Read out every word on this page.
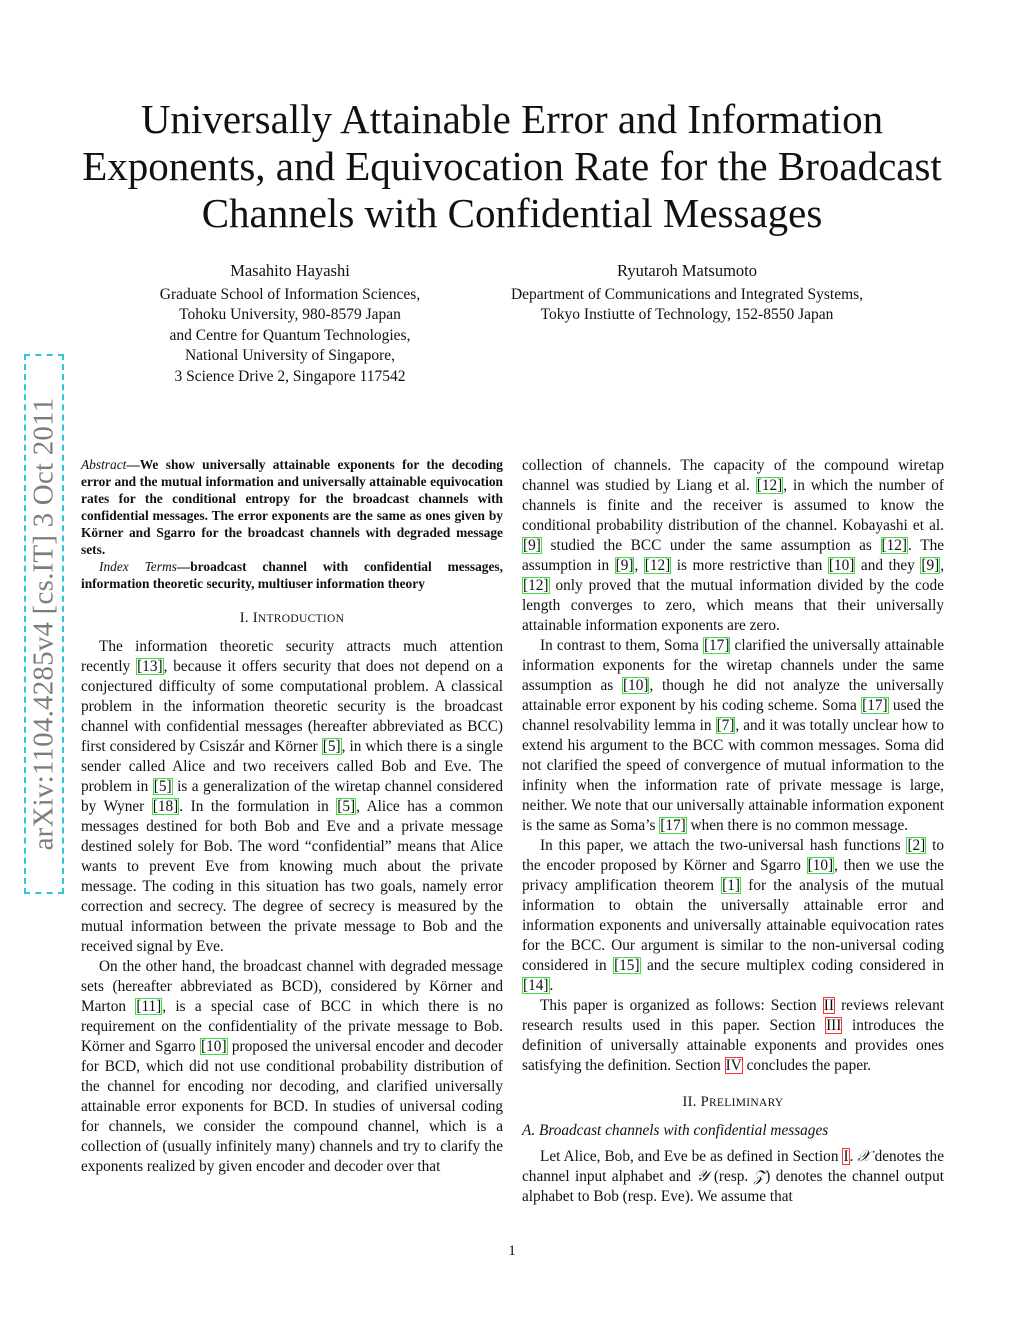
Universally Attainable Error and Information
Exponents, and Equivocation Rate for the Broadcast
Channels with Confidential Messages
Masahito Hayashi
Graduate School of Information Sciences,
Tohoku University, 980-8579 Japan
and Centre for Quantum Technologies,
National University of Singapore,
3 Science Drive 2, Singapore 117542
Ryutaroh Matsumoto
Department of Communications and Integrated Systems,
Tokyo Instiutte of Technology, 152-8550 Japan
arXiv:1104.4285v4 [cs.IT] 3 Oct 2011 Abstract—We show universally attainable exponents for the decoding error and the mutual information and universally attainable equivocation rates for the conditional entropy for the broadcast channels with confidential messages. The error exponents are the same as ones given by Körner and Sgarro for the broadcast channels with degraded message sets.

Index Terms—broadcast channel with confidential messages, information theoretic security, multiuser information theory

I. INTRODUCTION

The information theoretic security attracts much attention recently [13], because it offers security that does not depend on a conjectured difficulty of some computational problem. A classical problem in the information theoretic security is the broadcast channel with confidential messages (hereafter abbreviated as BCC) first considered by Csiszár and Körner [5], in which there is a single sender called Alice and two receivers called Bob and Eve. The problem in [5] is a generalization of the wiretap channel considered by Wyner [18]. In the formulation in [5], Alice has a common messages destined for both Bob and Eve and a private message destined solely for Bob. The word “confidential” means that Alice wants to prevent Eve from knowing much about the private message. The coding in this situation has two goals, namely error correction and secrecy. The degree of secrecy is measured by the mutual information between the private message to Bob and the received signal by Eve.

On the other hand, the broadcast channel with degraded message sets (hereafter abbreviated as BCD), considered by Körner and Marton [11], is a special case of BCC in which there is no requirement on the confidentiality of the private message to Bob. Körner and Sgarro [10] proposed the universal encoder and decoder for BCD, which did not use conditional probability distribution of the channel for encoding nor decoding, and clarified universally attainable error exponents for BCD. In studies of universal coding for channels, we consider the compound channel, which is a collection of (usually infinitely many) channels and try to clarify the exponents realized by given encoder and decoder over that

collection of channels. The capacity of the compound wiretap channel was studied by Liang et al. [12], in which the number of channels is finite and the receiver is assumed to know the conditional probability distribution of the channel. Kobayashi et al. [9] studied the BCC under the same assumption as [12]. The assumption in [9], [12] is more restrictive than [10] and they [9], [12] only proved that the mutual information divided by the code length converges to zero, which means that their universally attainable information exponents are zero.

In contrast to them, Soma [17] clarified the universally attainable information exponents for the wiretap channels under the same assumption as [10], though he did not analyze the universally attainable error exponent by his coding scheme. Soma [17] used the channel resolvability lemma in [7], and it was totally unclear how to extend his argument to the BCC with common messages. Soma did not clarified the speed of convergence of mutual information to the infinity when the information rate of private message is large, neither. We note that our universally attainable information exponent is the same as Soma’s [17] when there is no common message.

In this paper, we attach the two-universal hash functions [2] to the encoder proposed by Körner and Sgarro [10], then we use the privacy amplification theorem [1] for the analysis of the mutual information to obtain the universally attainable error and information exponents and universally attainable equivocation rates for the BCC. Our argument is similar to the non-universal coding considered in [15] and the secure multiplex coding considered in [14].

This paper is organized as follows: Section II reviews relevant research results used in this paper. Section III introduces the definition of universally attainable exponents and provides ones satisfying the definition. Section IV concludes the paper.

II. PRELIMINARY
A. Broadcast channels with confidential messages

Let Alice, Bob, and Eve be as defined in Section I. 𝒳 denotes the channel input alphabet and 𝒴 (resp. 𝒵) denotes the channel output alphabet to Bob (resp. Eve). We assume that

1
